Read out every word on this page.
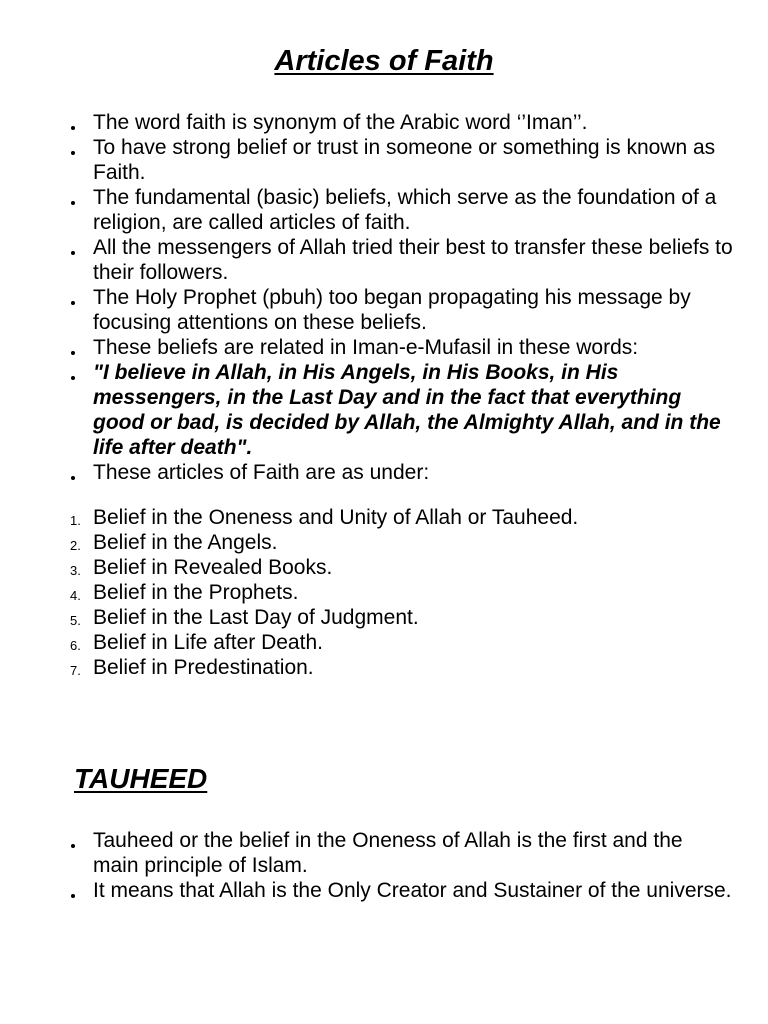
Articles of Faith
The word faith is synonym of the Arabic word ‘’Iman’’.
To have strong belief or trust in someone or something is known as Faith.
The fundamental (basic) beliefs, which serve as the foundation of a religion, are called articles of faith.
All the messengers of Allah tried their best to transfer these beliefs to their followers.
The Holy Prophet (pbuh) too began propagating his message by focusing attentions on these beliefs.
These beliefs are related in Iman-e-Mufasil in these words:
"I believe in Allah, in His Angels, in His Books, in His messengers, in the Last Day and in the fact that everything good or bad, is decided by Allah, the Almighty Allah, and in the life after death".
These articles of Faith are as under:
1. Belief in the Oneness and Unity of Allah or Tauheed.
2. Belief in the Angels.
3. Belief in Revealed Books.
4. Belief in the Prophets.
5. Belief in the Last Day of Judgment.
6. Belief in Life after Death.
7. Belief in Predestination.
TAUHEED
Tauheed or the belief in the Oneness of Allah is the first and the main principle of Islam.
It means that Allah is the Only Creator and Sustainer of the universe.
